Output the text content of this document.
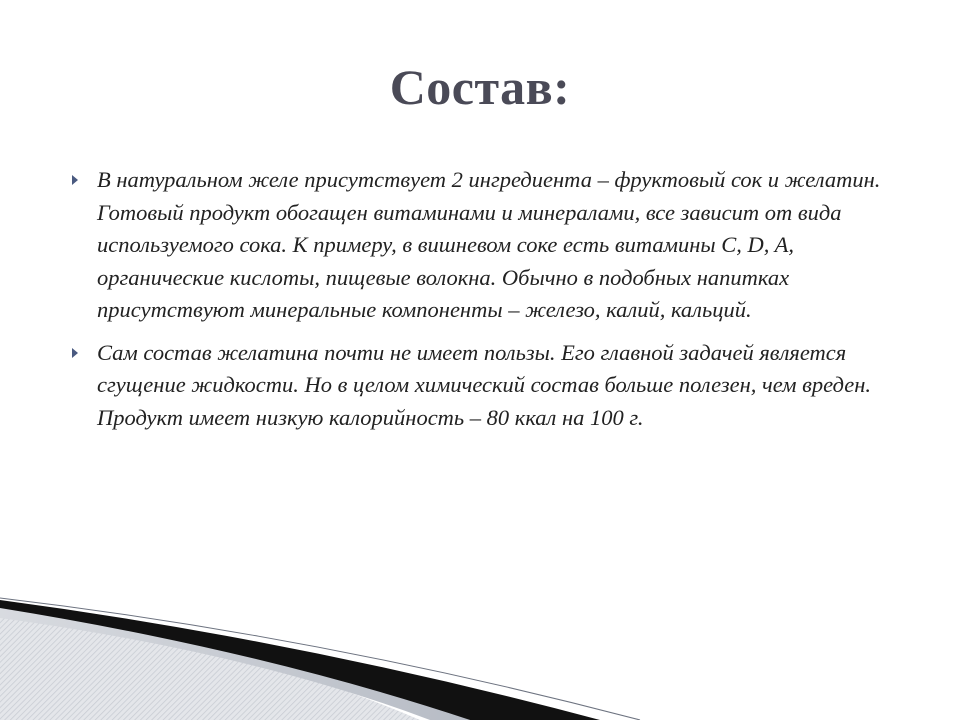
Состав:
В натуральном желе присутствует 2 ингредиента – фруктовый сок и желатин. Готовый продукт обогащен витаминами и минералами, все зависит от вида используемого сока. К примеру, в вишневом соке есть витамины C, D, A, органические кислоты, пищевые волокна. Обычно в подобных напитках присутствуют минеральные компоненты – железо, калий, кальций.
Сам состав желатина почти не имеет пользы. Его главной задачей является сгущение жидкости. Но в целом химический состав больше полезен, чем вреден. Продукт имеет низкую калорийность – 80 ккал на 100 г.
